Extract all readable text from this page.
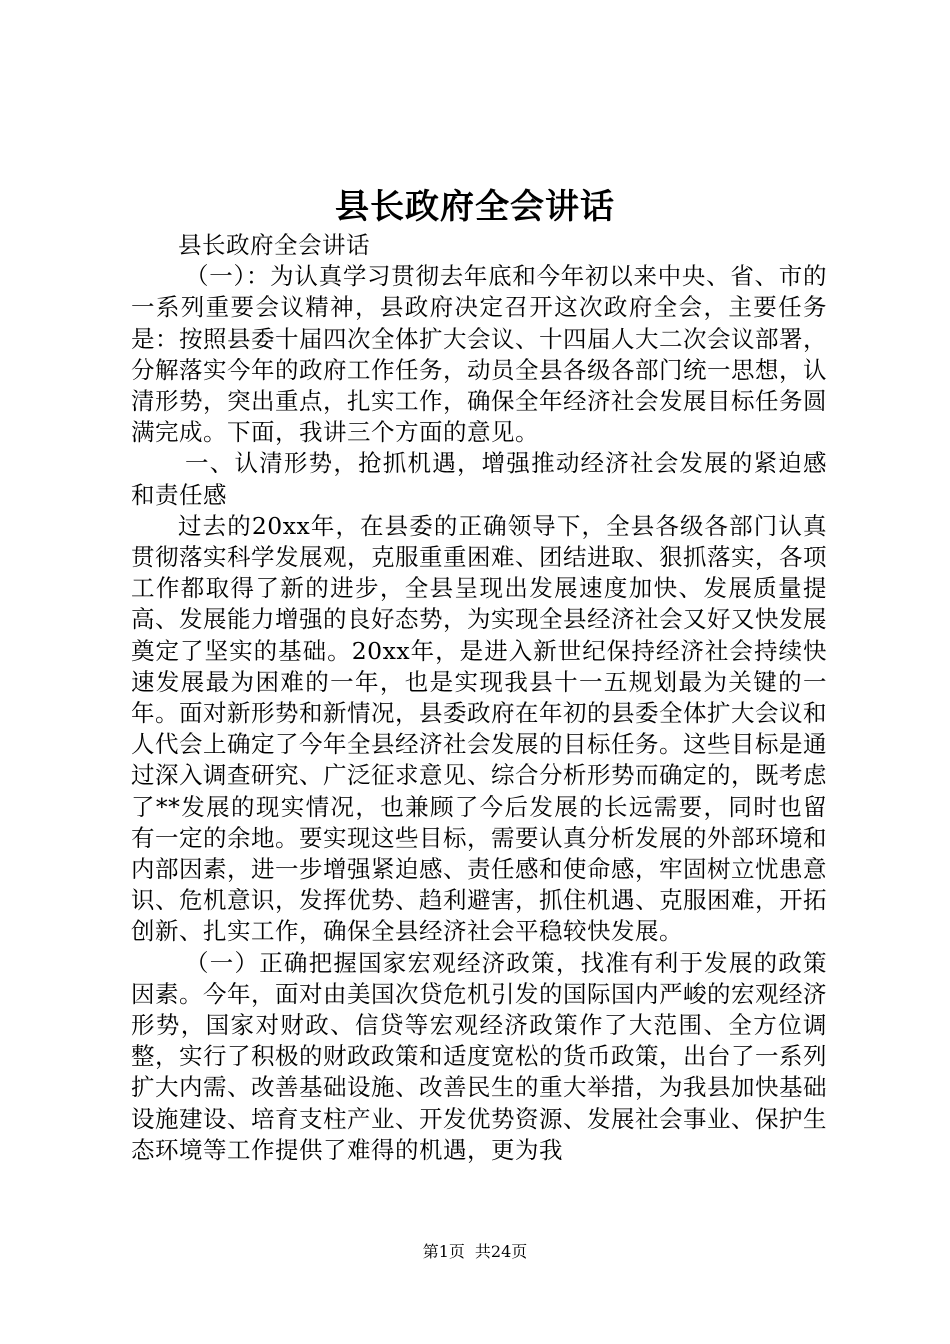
县长政府全会讲话

县长政府全会讲话

（一）：为认真学习贯彻去年底和今年初以来中央、省、市的一系列重要会议精神，县政府决定召开这次政府全会，主要任务是：按照县委十届四次全体扩大会议、十四届人大二次会议部署，分解落实今年的政府工作任务，动员全县各级各部门统一思想，认清形势，突出重点，扎实工作，确保全年经济社会发展目标任务圆满完成。下面，我讲三个方面的意见。

一、认清形势，抢抓机遇，增强推动经济社会发展的紧迫感和责任感

过去的20xx年，在县委的正确领导下，全县各级各部门认真贯彻落实科学发展观，克服重重困难、团结进取、狠抓落实，各项工作都取得了新的进步，全县呈现出发展速度加快、发展质量提高、发展能力增强的良好态势，为实现全县经济社会又好又快发展奠定了坚实的基础。20xx年，是进入新世纪保持经济社会持续快速发展最为困难的一年，也是实现我县十一五规划最为关键的一年。面对新形势和新情况，县委政府在年初的县委全体扩大会议和人代会上确定了今年全县经济社会发展的目标任务。这些目标是通过深入调查研究、广泛征求意见、综合分析形势而确定的，既考虑了**发展的现实情况，也兼顾了今后发展的长远需要，同时也留有一定的余地。要实现这些目标，需要认真分析发展的外部环境和内部因素，进一步增强紧迫感、责任感和使命感，牢固树立忧患意识、危机意识，发挥优势、趋利避害，抓住机遇、克服困难，开拓创新、扎实工作，确保全县经济社会平稳较快发展。

（一）正确把握国家宏观经济政策，找准有利于发展的政策因素。今年，面对由美国次贷危机引发的国际国内严峻的宏观经济形势，国家对财政、信贷等宏观经济政策作了大范围、全方位调整，实行了积极的财政政策和适度宽松的货币政策，出台了一系列扩大内需、改善基础设施、改善民生的重大举措，为我县加快基础设施建设、培育支柱产业、开发优势资源、发展社会事业、保护生态环境等工作提供了难得的机遇，更为我

第1页 共24页
